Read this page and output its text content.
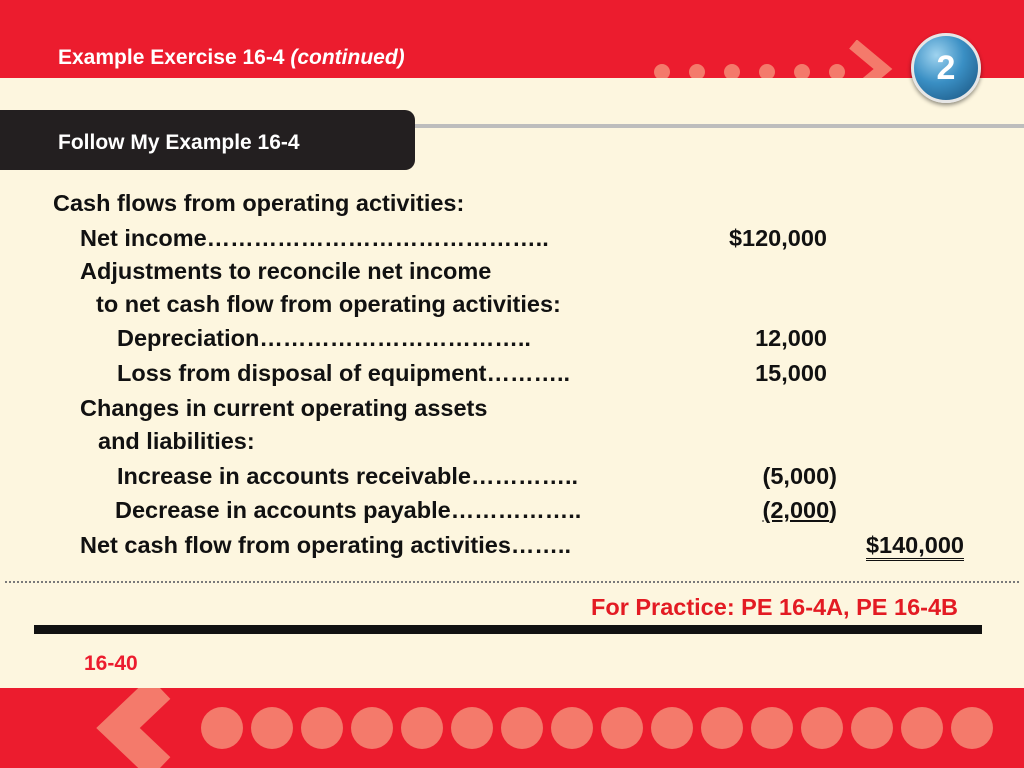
Example Exercise 16-4 (continued)	2
Follow My Example 16-4
Cash flows from operating activities:
Net income……………………………………..	$120,000
Adjustments to reconcile net income
to net cash flow from operating activities:
Depreciation……………………………..	12,000
Loss from disposal of equipment………..	15,000
Changes in current operating assets
and liabilities:
Increase in accounts receivable…………..	(5,000)
Decrease in accounts payable……………..	(2,000)
Net cash flow from operating activities……..	$140,000
For Practice: PE 16-4A, PE 16-4B
16-40
